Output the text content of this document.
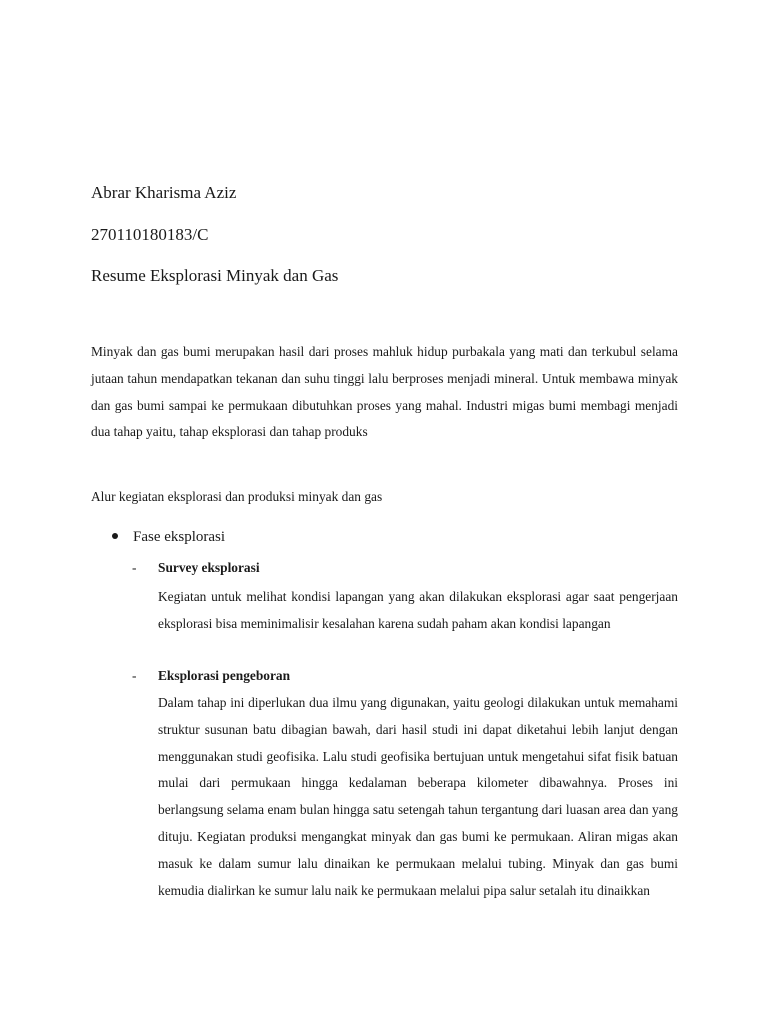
Abrar Kharisma Aziz
270110180183/C
Resume Eksplorasi Minyak dan Gas
Minyak dan gas bumi merupakan hasil dari proses mahluk hidup purbakala yang mati dan terkubul selama jutaan tahun mendapatkan tekanan dan suhu tinggi lalu berproses menjadi mineral. Untuk membawa minyak dan gas bumi sampai ke permukaan dibutuhkan proses yang mahal. Industri migas bumi membagi menjadi dua tahap yaitu, tahap eksplorasi dan tahap produks
Alur kegiatan eksplorasi dan produksi minyak dan gas
Fase eksplorasi
- Survey eksplorasi
Kegiatan untuk melihat kondisi lapangan yang akan dilakukan eksplorasi agar saat pengerjaan eksplorasi bisa meminimalisir kesalahan karena sudah paham akan kondisi lapangan
- Eksplorasi pengeboran
Dalam tahap ini diperlukan dua ilmu yang digunakan, yaitu geologi dilakukan untuk memahami struktur susunan batu dibagian bawah, dari hasil studi ini dapat diketahui lebih lanjut dengan menggunakan studi geofisika. Lalu studi geofisika bertujuan untuk mengetahui sifat fisik batuan mulai dari permukaan hingga kedalaman beberapa kilometer dibawahnya. Proses ini berlangsung selama enam bulan hingga satu setengah tahun tergantung dari luasan area dan yang dituju. Kegiatan produksi mengangkat minyak dan gas bumi ke permukaan. Aliran migas akan masuk ke dalam sumur lalu dinaikan ke permukaan melalui tubing. Minyak dan gas bumi kemudia dialirkan ke sumur lalu naik ke permukaan melalui pipa salur setalah itu dinaikkan
